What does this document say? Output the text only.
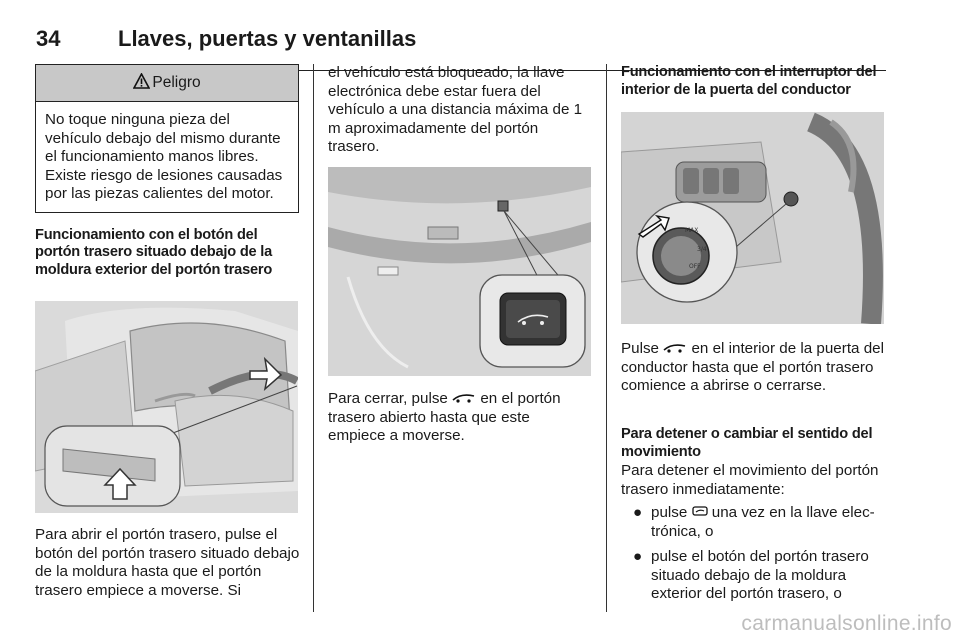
34	Llaves, puertas y ventanillas
Peligro

No toque ninguna pieza del vehículo debajo del mismo durante el funcionamiento manos libres. Existe riesgo de lesiones causadas por las piezas calientes del motor.

Funcionamiento con el botón del portón trasero situado debajo de la moldura exterior del portón trasero

Para abrir el portón trasero, pulse el botón del portón trasero situado debajo de la moldura hasta que el portón trasero empiece a moverse. Si

el vehículo está bloqueado, la llave electrónica debe estar fuera del vehículo a una distancia máxima de 1 m aproximadamente del portón trasero.

Para cerrar, pulse en el portón trasero abierto hasta que este empiece a moverse.

Funcionamiento con el interruptor del interior de la puerta del conductor

MAX
3/4
OFF

Pulse en el interior de la puerta del conductor hasta que el portón trasero comience a abrirse o cerrarse.

Para detener o cambiar el sentido del movimiento

Para detener el movimiento del portón trasero inmediatamente:

● pulse una vez en la llave elec-trónica, o
● pulse el botón del portón trasero situado debajo de la moldura exterior del portón trasero, o
carmanualsonline.info
